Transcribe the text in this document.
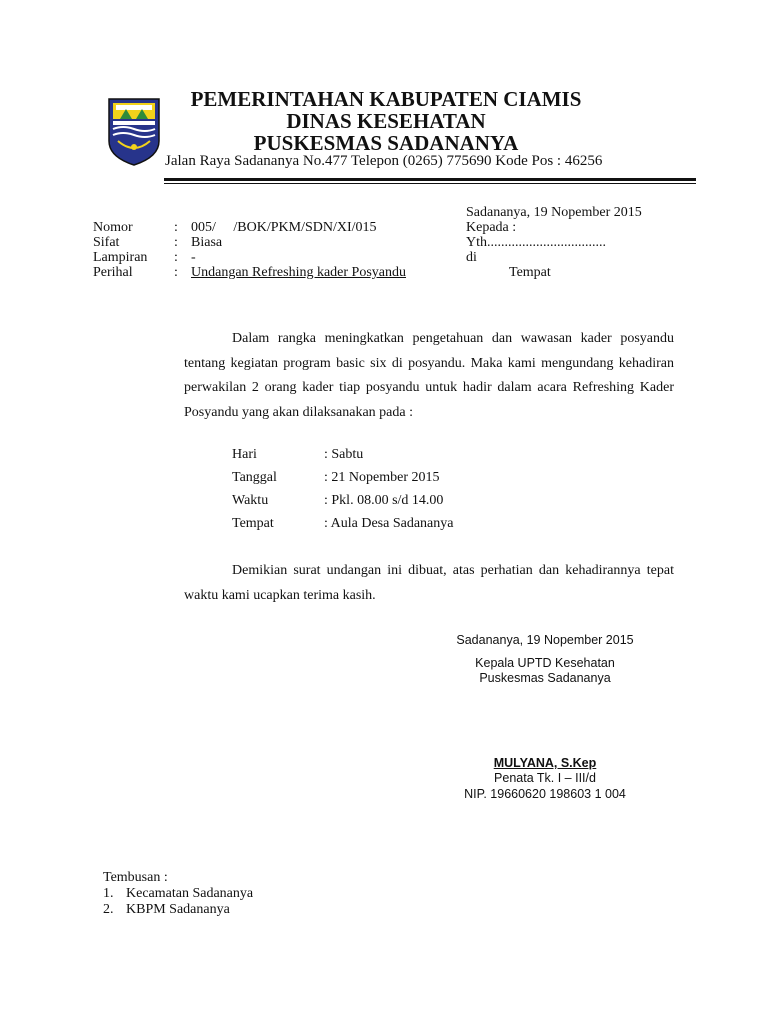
PEMERINTAHAN KABUPATEN CIAMIS
DINAS KESEHATAN
PUSKESMAS SADANANYA
Jalan Raya Sadananya No.477 Telepon (0265) 775690 Kode Pos : 46256
Sadananya, 19 Nopember 2015
Nomor	: 005/     /BOK/PKM/SDN/XI/015
Sifat	: Biasa
Lampiran : -
Perihal	: Undangan Refreshing kader Posyandu
Kepada :
Yth..................................
di
Tempat
Dalam rangka meningkatkan pengetahuan dan wawasan kader posyandu tentang kegiatan program basic six di posyandu. Maka kami mengundang kehadiran perwakilan 2 orang kader tiap posyandu untuk hadir dalam acara Refreshing Kader Posyandu yang akan dilaksanakan pada :
Hari	: Sabtu
Tanggal	: 21 Nopember 2015
Waktu	: Pkl. 08.00 s/d 14.00
Tempat	: Aula Desa Sadananya
Demikian surat undangan ini dibuat, atas perhatian dan kehadirannya tepat waktu kami ucapkan terima kasih.
Sadananya, 19 Nopember 2015
Kepala UPTD Kesehatan
Puskesmas Sadananya
MULYANA, S.Kep
Penata Tk. I – III/d
NIP. 19660620 198603 1 004
Tembusan :
1. Kecamatan Sadananya
2. KBPM Sadananya
